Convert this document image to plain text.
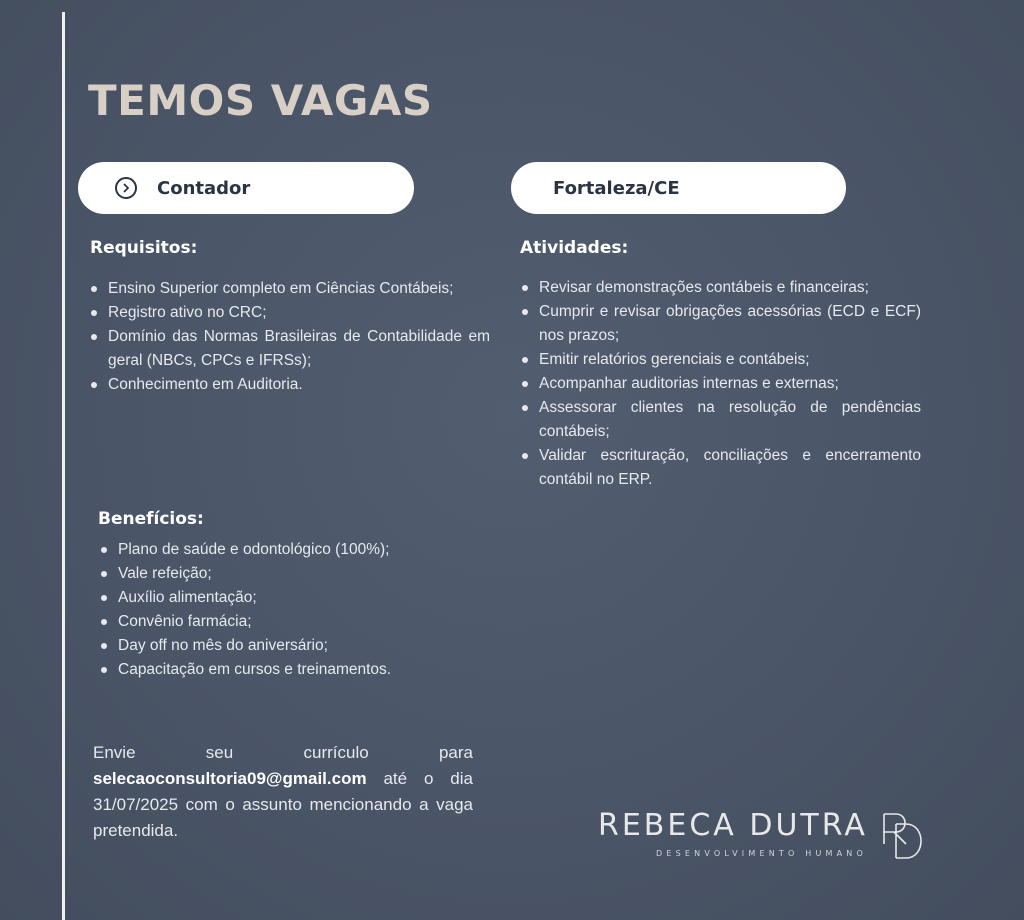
TEMOS VAGAS
Contador	Fortaleza/CE
Requisitos:
Ensino Superior completo em Ciências Contábeis;
Registro ativo no CRC;
Domínio das Normas Brasileiras de Contabilidade em geral (NBCs, CPCs e IFRSs);
Conhecimento em Auditoria.
Atividades:
Revisar demonstrações contábeis e financeiras;
Cumprir e revisar obrigações acessórias (ECD e ECF) nos prazos;
Emitir relatórios gerenciais e contábeis;
Acompanhar auditorias internas e externas;
Assessorar clientes na resolução de pendências contábeis;
Validar escrituração, conciliações e encerramento contábil no ERP.
Benefícios:
Plano de saúde e odontológico (100%);
Vale refeição;
Auxílio alimentação;
Convênio farmácia;
Day off no mês do aniversário;
Capacitação em cursos e treinamentos.

Envie seu currículo para selecaoconsultoria09@gmail.com até o dia 31/07/2025 com o assunto mencionando a vaga pretendida.	REBECA DUTRA
DESENVOLVIMENTO HUMANO
